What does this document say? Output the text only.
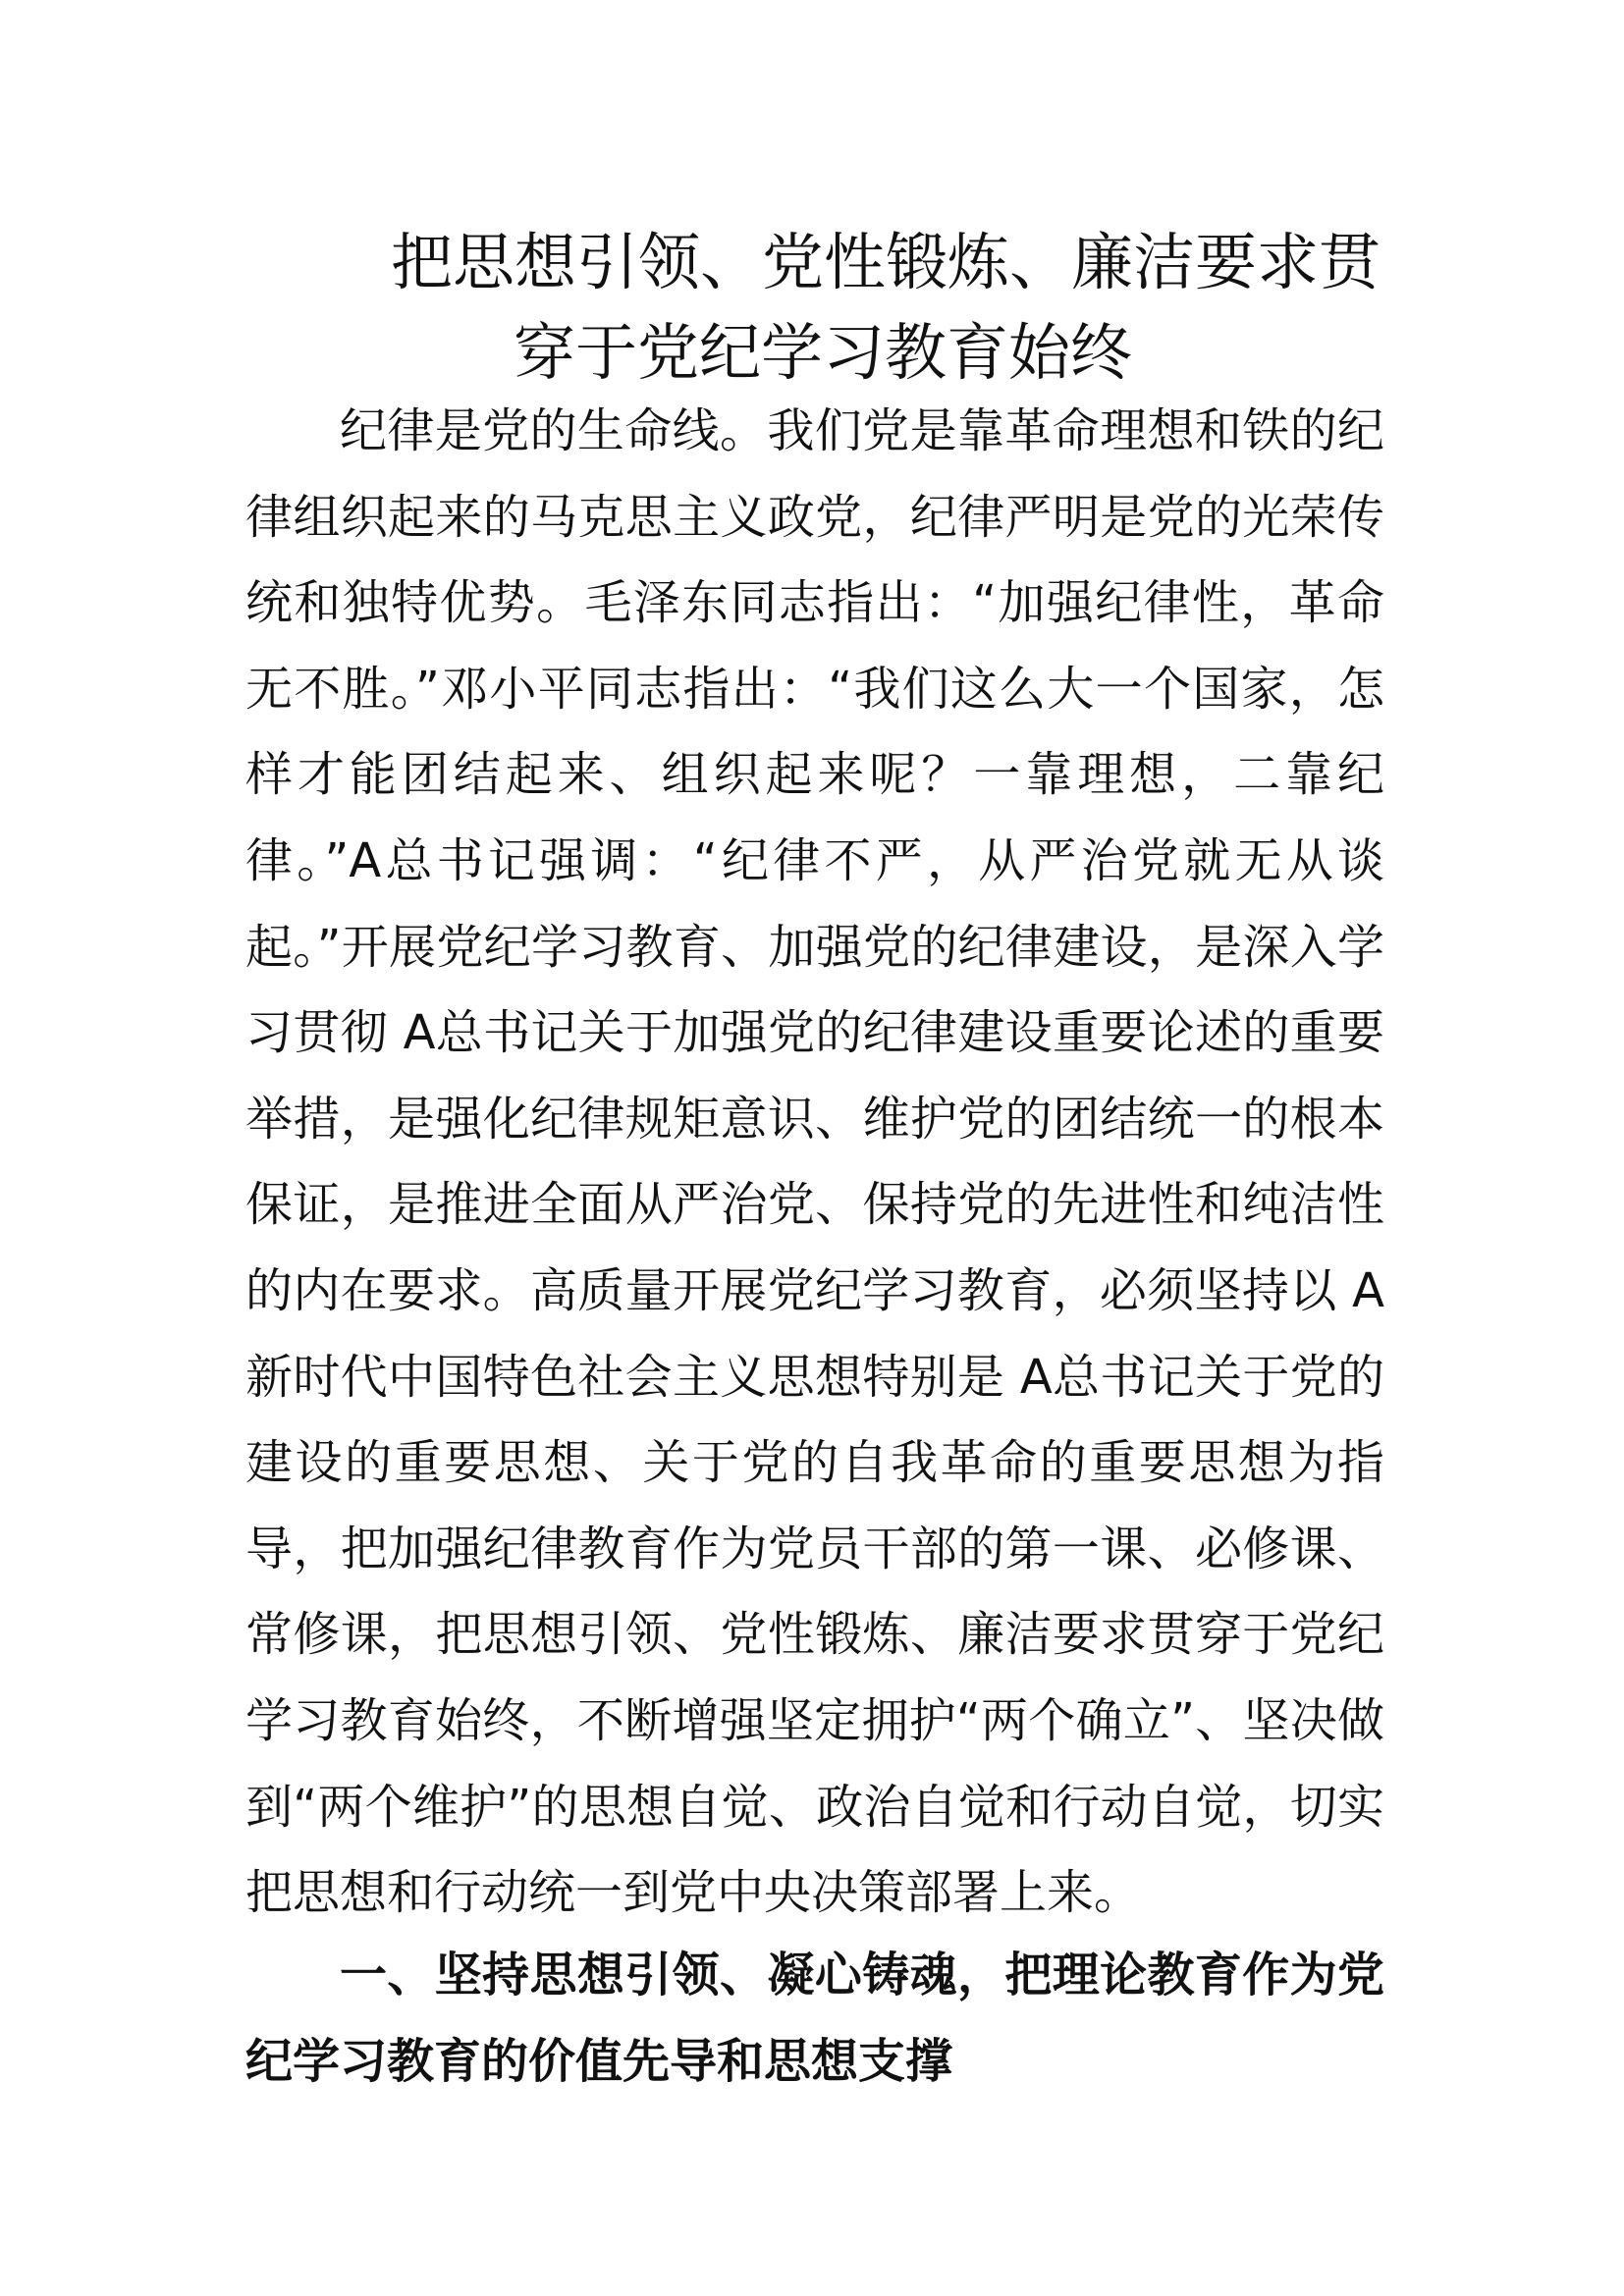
把思想引领、党性锻炼、廉洁要求贯
穿于党纪学习教育始终
纪律是党的生命线。我们党是靠革命理想和铁的纪律组织起来的马克思主义政党，纪律严明是党的光荣传统和独特优势。毛泽东同志指出：“加强纪律性，革命无不胜。”邓小平同志指出：“我们这么大一个国家，怎样才能团结起来、组织起来呢？一靠理想，二靠纪律。”A总书记强调：“纪律不严，从严治党就无从谈起。”开展党纪学习教育、加强党的纪律建设，是深入学习贯彻 A总书记关于加强党的纪律建设重要论述的重要举措，是强化纪律规矩意识、维护党的团结统一的根本保证，是推进全面从严治党、保持党的先进性和纯洁性的内在要求。高质量开展党纪学习教育，必须坚持以 A新时代中国特色社会主义思想特别是 A总书记关于党的建设的重要思想、关于党的自我革命的重要思想为指导，把加强纪律教育作为党员干部的第一课、必修课、常修课，把思想引领、党性锻炼、廉洁要求贯穿于党纪学习教育始终，不断增强坚定拥护“两个确立”、坚决做到“两个维护”的思想自觉、政治自觉和行动自觉，切实把思想和行动统一到党中央决策部署上来。
一、坚持思想引领、凝心铸魂，把理论教育作为党纪学习教育的价值先导和思想支撑
